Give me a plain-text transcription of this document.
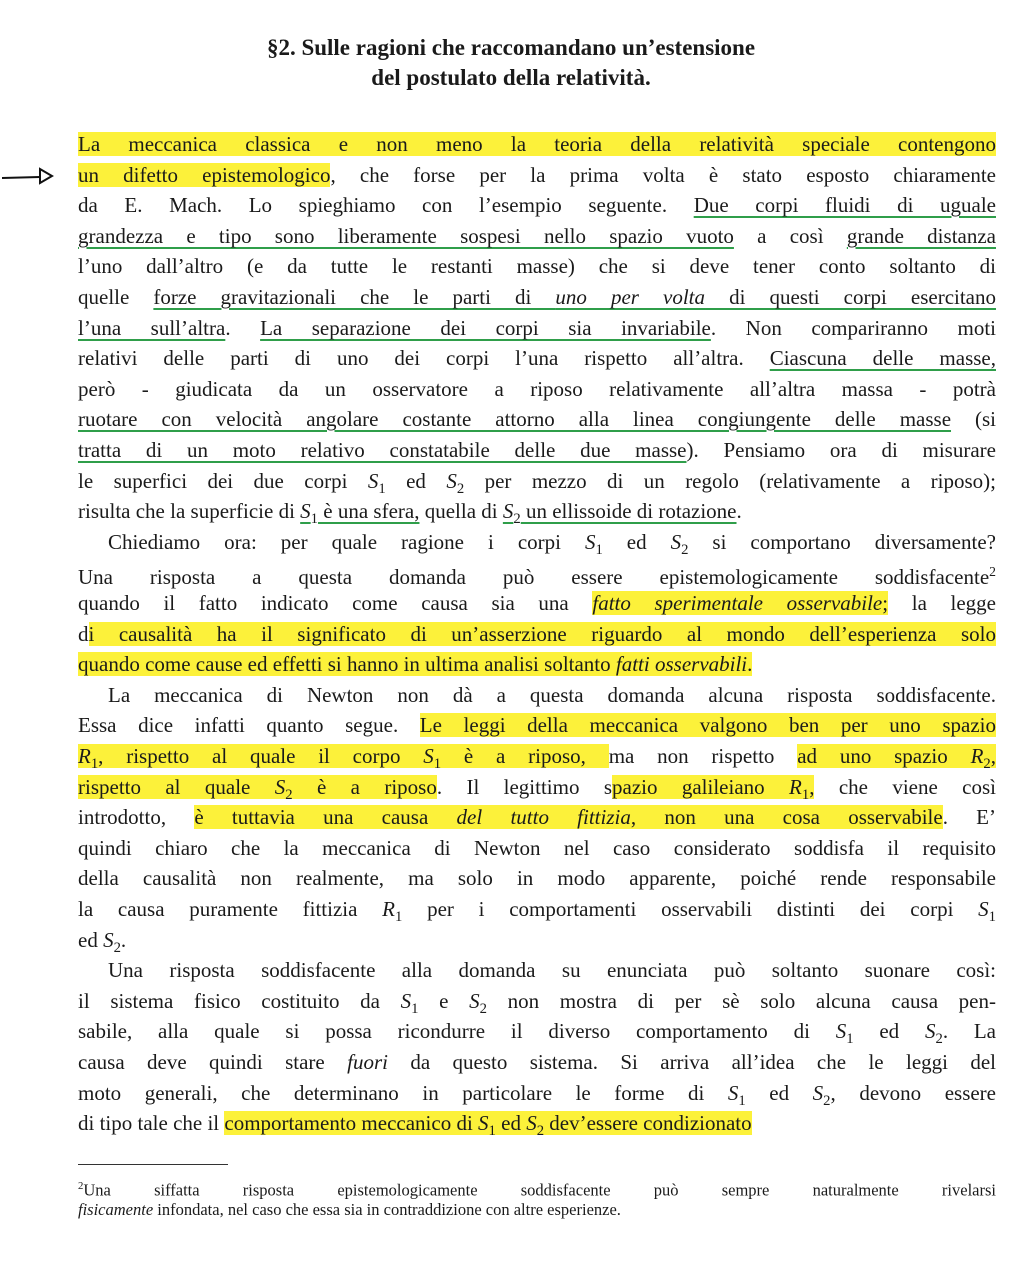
§2. Sulle ragioni che raccomandano un’estensione
del postulato della relatività.
La meccanica classica e non meno la teoria della relatività speciale contengono
un difetto epistemologico, che forse per la prima volta è stato esposto chiaramente
da E. Mach. Lo spieghiamo con l’esempio seguente. Due corpi fluidi di uguale
grandezza e tipo sono liberamente sospesi nello spazio vuoto a così grande distanza
l’uno dall’altro (e da tutte le restanti masse) che si deve tener conto soltanto di
quelle forze gravitazionali che le parti di uno per volta di questi corpi esercitano
l’una sull’altra. La separazione dei corpi sia invariabile. Non compariranno moti
relativi delle parti di uno dei corpi l’una rispetto all’altra. Ciascuna delle masse,
però - giudicata da un osservatore a riposo relativamente all’altra massa - potrà
ruotare con velocità angolare costante attorno alla linea congiungente delle masse (si
tratta di un moto relativo constatabile delle due masse). Pensiamo ora di misurare
le superfici dei due corpi $S_1$ ed $S_2$ per mezzo di un regolo (relativamente a riposo);
risulta che la superficie di $S_1$ è una sfera, quella di $S_2$ un ellissoide di rotazione.
Chiediamo ora: per quale ragione i corpi $S_1$ ed $S_2$ si comportano diversamente?
Una risposta a questa domanda può essere epistemologicamente soddisfacente$^2$
quando il fatto indicato come causa sia una fatto sperimentale osservabile; la legge
di causalità ha il significato di un’asserzione riguardo al mondo dell’esperienza solo
quando come cause ed effetti si hanno in ultima analisi soltanto fatti osservabili.
La meccanica di Newton non dà a questa domanda alcuna risposta soddisfacente.
Essa dice infatti quanto segue. Le leggi della meccanica valgono ben per uno spazio
$R_1$, rispetto al quale il corpo $S_1$ è a riposo, ma non rispetto ad uno spazio $R_2$,
rispetto al quale $S_2$ è a riposo. Il legittimo spazio galileiano $R_1$, che viene così
introdotto, è tuttavia una causa del tutto fittizia, non una cosa osservabile. E’
quindi chiaro che la meccanica di Newton nel caso considerato soddisfa il requisito
della causalità non realmente, ma solo in modo apparente, poiché rende responsabile
la causa puramente fittizia $R_1$ per i comportamenti osservabili distinti dei corpi $S_1$
ed $S_2$.
Una risposta soddisfacente alla domanda su enunciata può soltanto suonare così:
il sistema fisico costituito da $S_1$ e $S_2$ non mostra di per sè solo alcuna causa pen-
sabile, alla quale si possa ricondurre il diverso comportamento di $S_1$ ed $S_2$. La
causa deve quindi stare fuori da questo sistema. Si arriva all’idea che le leggi del
moto generali, che determinano in particolare le forme di $S_1$ ed $S_2$, devono essere
di tipo tale che il comportamento meccanico di $S_1$ ed $S_2$ dev’essere condizionato
$^2$Una siffatta risposta epistemologicamente soddisfacente può sempre naturalmente rivelarsi
fisicamente infondata, nel caso che essa sia in contraddizione con altre esperienze.
